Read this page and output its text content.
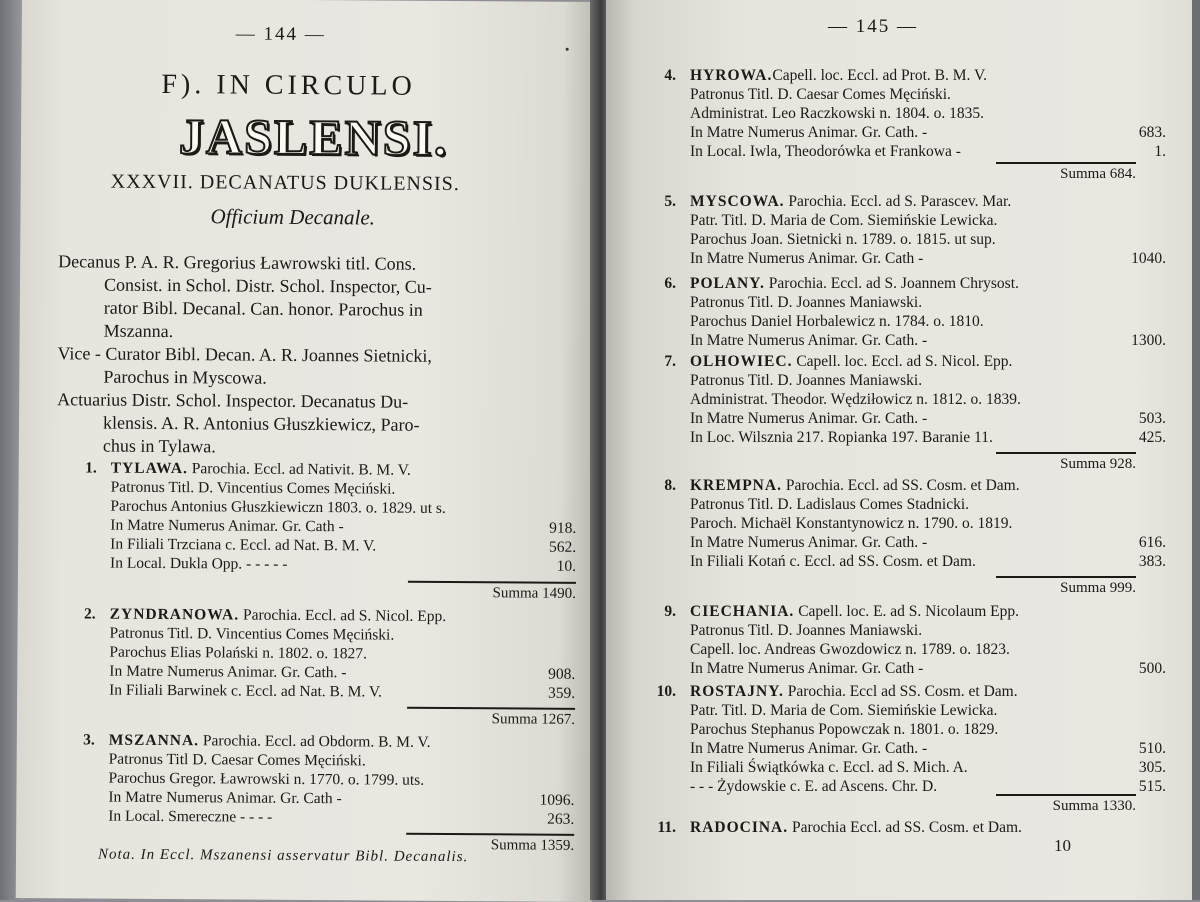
— 144 —
F). IN CIRCULO
JASLENSI.
XXXVII. DECANATUS DUKLENSIS.
Officium Decanale.
Decanus P. A. R. Gregorius Ławrowski titl. Cons.
Consist. in Schol. Distr. Schol. Inspector, Cu-
rator Bibl. Decanal. Can. honor. Parochus in
Mszanna.
Vice - Curator Bibl. Decan. A. R. Joannes Sietnicki,
Parochus in Myscowa.
Actuarius Distr. Schol. Inspector. Decanatus Du-
klensis. A. R. Antonius Głuszkiewicz, Paro-
chus in Tylawa.
1. TYLAWA. Parochia. Eccl. ad Nativit. B. M. V.
Patronus Titl. D. Vincentius Comes Męciński.
Parochus Antonius Głuszkiewiczn 1803. o. 1829. ut s.
In Matre Numerus Animar. Gr. Cath -	918.
In Filiali Trzciana c. Eccl. ad Nat. B. M. V.	562.
In Local. Dukla Opp. - - - - -	10.
Summa 1490.
2. ZYNDRANOWA. Parochia. Eccl. ad S. Nicol. Epp.
Patronus Titl. D. Vincentius Comes Męciński.
Parochus Elias Polański n. 1802. o. 1827.
In Matre Numerus Animar. Gr. Cath. -	908.
In Filiali Barwinek c. Eccl. ad Nat. B. M. V.	359.
Summa 1267.
3. MSZANNA. Parochia. Eccl. ad Obdorm. B. M. V.
Patronus Titl D. Caesar Comes Męciński.
Parochus Gregor. Ławrowski n. 1770. o. 1799. uts.
In Matre Numerus Animar. Gr. Cath -	1096.
In Local. Smereczne - - - -	263.
Summa 1359.
Nota. In Eccl. Mszanensi asservatur Bibl. Decanalis.
— 145 —
4. HYROWA.Capell. loc. Eccl. ad Prot. B. M. V.
Patronus Titl. D. Caesar Comes Męciński.
Administrat. Leo Raczkowski n. 1804. o. 1835.
In Matre Numerus Animar. Gr. Cath. -	683.
In Local. Iwla, Theodorówka et Frankowa -	1.
Summa 684.
5. MYSCOWA. Parochia. Eccl. ad S. Parascev. Mar.
Patr. Titl. D. Maria de Com. Siemińskie Lewicka.
Parochus Joan. Sietnicki n. 1789. o. 1815. ut sup.
In Matre Numerus Animar. Gr. Cath -	1040.
6. POLANY. Parochia. Eccl. ad S. Joannem Chrysost.
Patronus Titl. D. Joannes Maniawski.
Parochus Daniel Horbalewicz n. 1784. o. 1810.
In Matre Numerus Animar. Gr. Cath. -	1300.
7. OLHOWIEC. Capell. loc. Eccl. ad S. Nicol. Epp.
Patronus Titl. D. Joannes Maniawski.
Administrat. Theodor. Wędziłowicz n. 1812. o. 1839.
In Matre Numerus Animar. Gr. Cath. -	503.
In Loc. Wilsznia 217. Ropianka 197. Baranie 11.	425.
Summa 928.
8. KREMPNA. Parochia. Eccl. ad SS. Cosm. et Dam.
Patronus Titl. D. Ladislaus Comes Stadnicki.
Paroch. Michaël Konstantynowicz n. 1790. o. 1819.
In Matre Numerus Animar. Gr. Cath. -	616.
In Filiali Kotań c. Eccl. ad SS. Cosm. et Dam.	383.
Summa 999.
9. CIECHANIA. Capell. loc. E. ad S. Nicolaum Epp.
Patronus Titl. D. Joannes Maniawski.
Capell. loc. Andreas Gwozdowicz n. 1789. o. 1823.
In Matre Numerus Animar. Gr. Cath -	500.
10. ROSTAJNY. Parochia. Eccl ad SS. Cosm. et Dam.
Patr. Titl. D. Maria de Com. Siemińskie Lewicka.
Parochus Stephanus Popowczak n. 1801. o. 1829.
In Matre Numerus Animar. Gr. Cath. -	510.
In Filiali Świątkówka c. Eccl. ad S. Mich. A.	305.
- - - Żydowskie c. E. ad Ascens. Chr. D.	515.
Summa 1330.
11. RADOCINA. Parochia Eccl. ad SS. Cosm. et Dam.
10
